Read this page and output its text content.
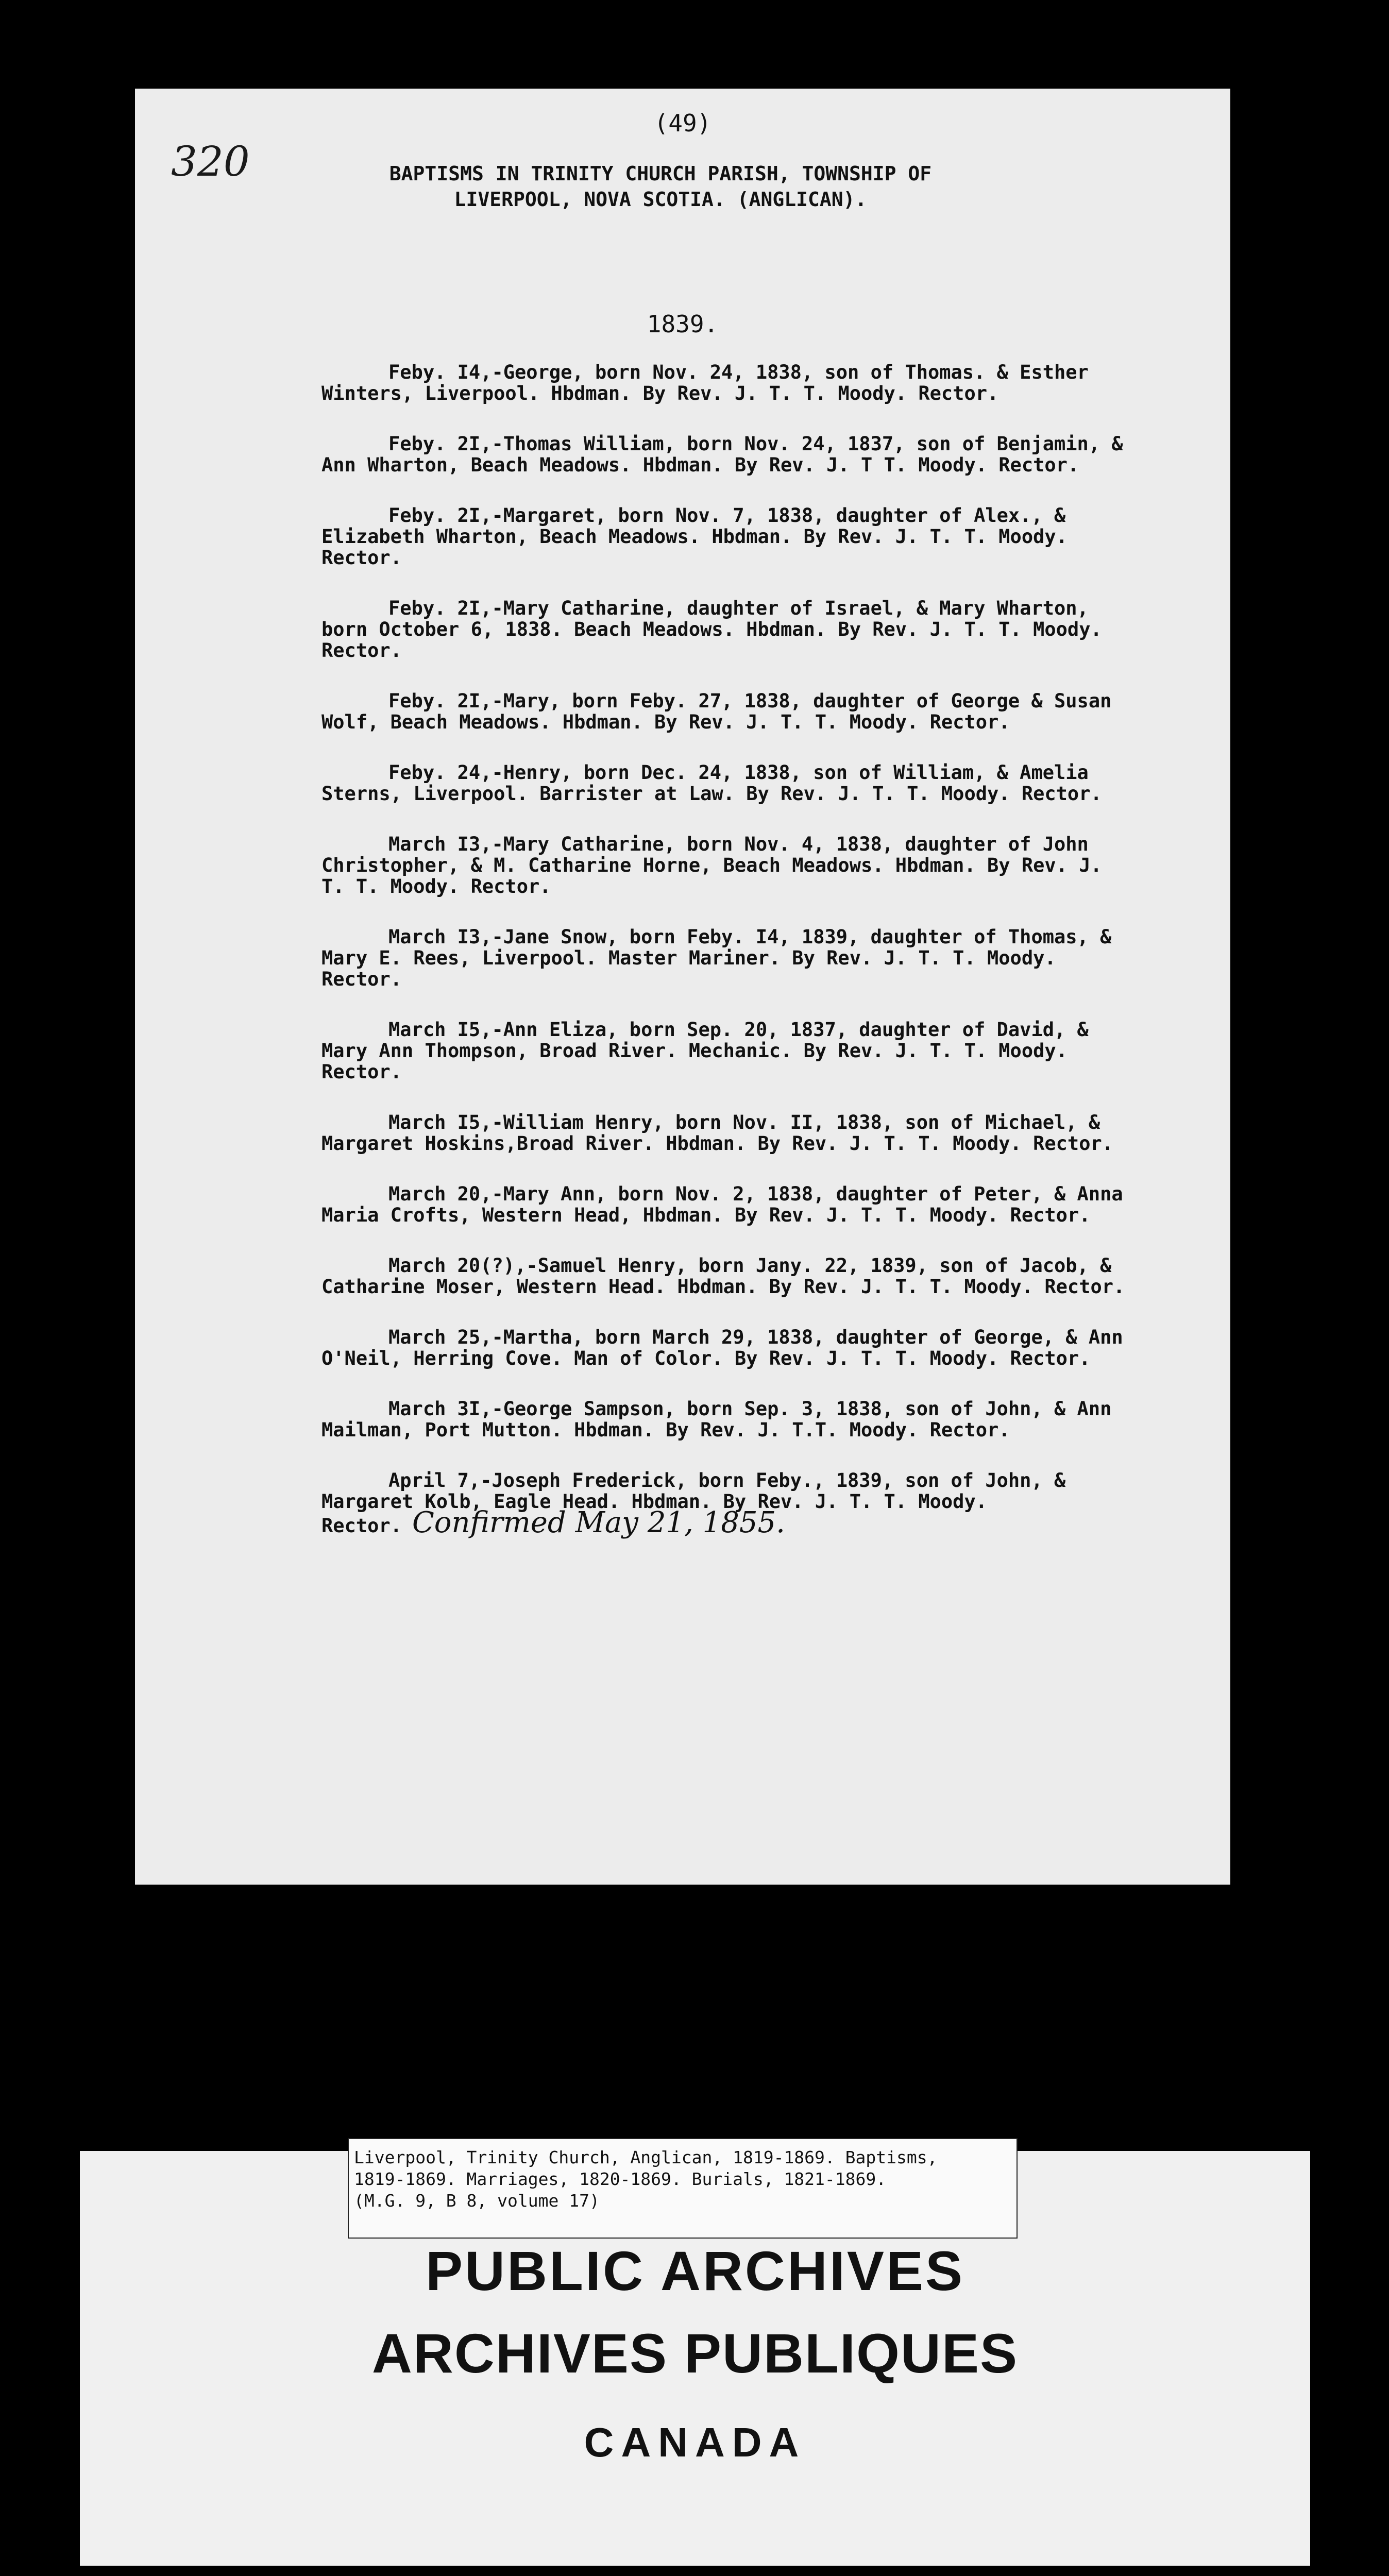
(49)
320	BAPTISMS IN TRINITY CHURCH PARISH, TOWNSHIP OF
LIVERPOOL, NOVA SCOTIA. (ANGLICAN).
1839.

Feby. I4,-George, born Nov. 24, 1838, son of Thomas. & Esther Winters, Liverpool. Hbdman. By Rev. J. T. T. Moody. Rector.

Feby. 2I,-Thomas William, born Nov. 24, 1837, son of Benjamin, & Ann Wharton, Beach Meadows. Hbdman. By Rev. J. T T. Moody. Rector.

Feby. 2I,-Margaret, born Nov. 7, 1838, daughter of Alex., & Elizabeth Wharton, Beach Meadows. Hbdman. By Rev. J. T. T. Moody. Rector.

Feby. 2I,-Mary Catharine, daughter of Israel, & Mary Wharton, born October 6, 1838. Beach Meadows. Hbdman. By Rev. J. T. T. Moody. Rector.

Feby. 2I,-Mary, born Feby. 27, 1838, daughter of George & Susan Wolf, Beach Meadows. Hbdman. By Rev. J. T. T. Moody. Rector.

Feby. 24,-Henry, born Dec. 24, 1838, son of William, & Amelia Sterns, Liverpool. Barrister at Law. By Rev. J. T. T. Moody. Rector.

March I3,-Mary Catharine, born Nov. 4, 1838, daughter of John Christopher, & M. Catharine Horne, Beach Meadows. Hbdman. By Rev. J. T. T. Moody. Rector.

March I3,-Jane Snow, born Feby. I4, 1839, daughter of Thomas, & Mary E. Rees, Liverpool. Master Mariner. By Rev. J. T. T. Moody. Rector.

March I5,-Ann Eliza, born Sep. 20, 1837, daughter of David, & Mary Ann Thompson, Broad River. Mechanic. By Rev. J. T. T. Moody. Rector.

March I5,-William Henry, born Nov. II, 1838, son of Michael, & Margaret Hoskins,Broad River. Hbdman. By Rev. J. T. T. Moody. Rector.

March 20,-Mary Ann, born Nov. 2, 1838, daughter of Peter, & Anna Maria Crofts, Western Head, Hbdman. By Rev. J. T. T. Moody. Rector.

March 20(?),-Samuel Henry, born Jany. 22, 1839, son of Jacob, & Catharine Moser, Western Head. Hbdman. By Rev. J. T. T. Moody. Rector.

March 25,-Martha, born March 29, 1838, daughter of George, & Ann O'Neil, Herring Cove. Man of Color. By Rev. J. T. T. Moody. Rector.

March 3I,-George Sampson, born Sep. 3, 1838, son of John, & Ann Mailman, Port Mutton. Hbdman. By Rev. J. T.T. Moody. Rector.

April 7,-Joseph Frederick, born Feby., 1839, son of John, & Margaret Kolb, Eagle Head. Hbdman. By Rev. J. T. T. Moody. Rector. Confirmed May 21, 1855.

Liverpool, Trinity Church, Anglican, 1819-1869. Baptisms,
1819-1869. Marriages, 1820-1869. Burials, 1821-1869.
(M.G. 9, B 8, volume 17)
PUBLIC ARCHIVES
ARCHIVES PUBLIQUES
CANADA
